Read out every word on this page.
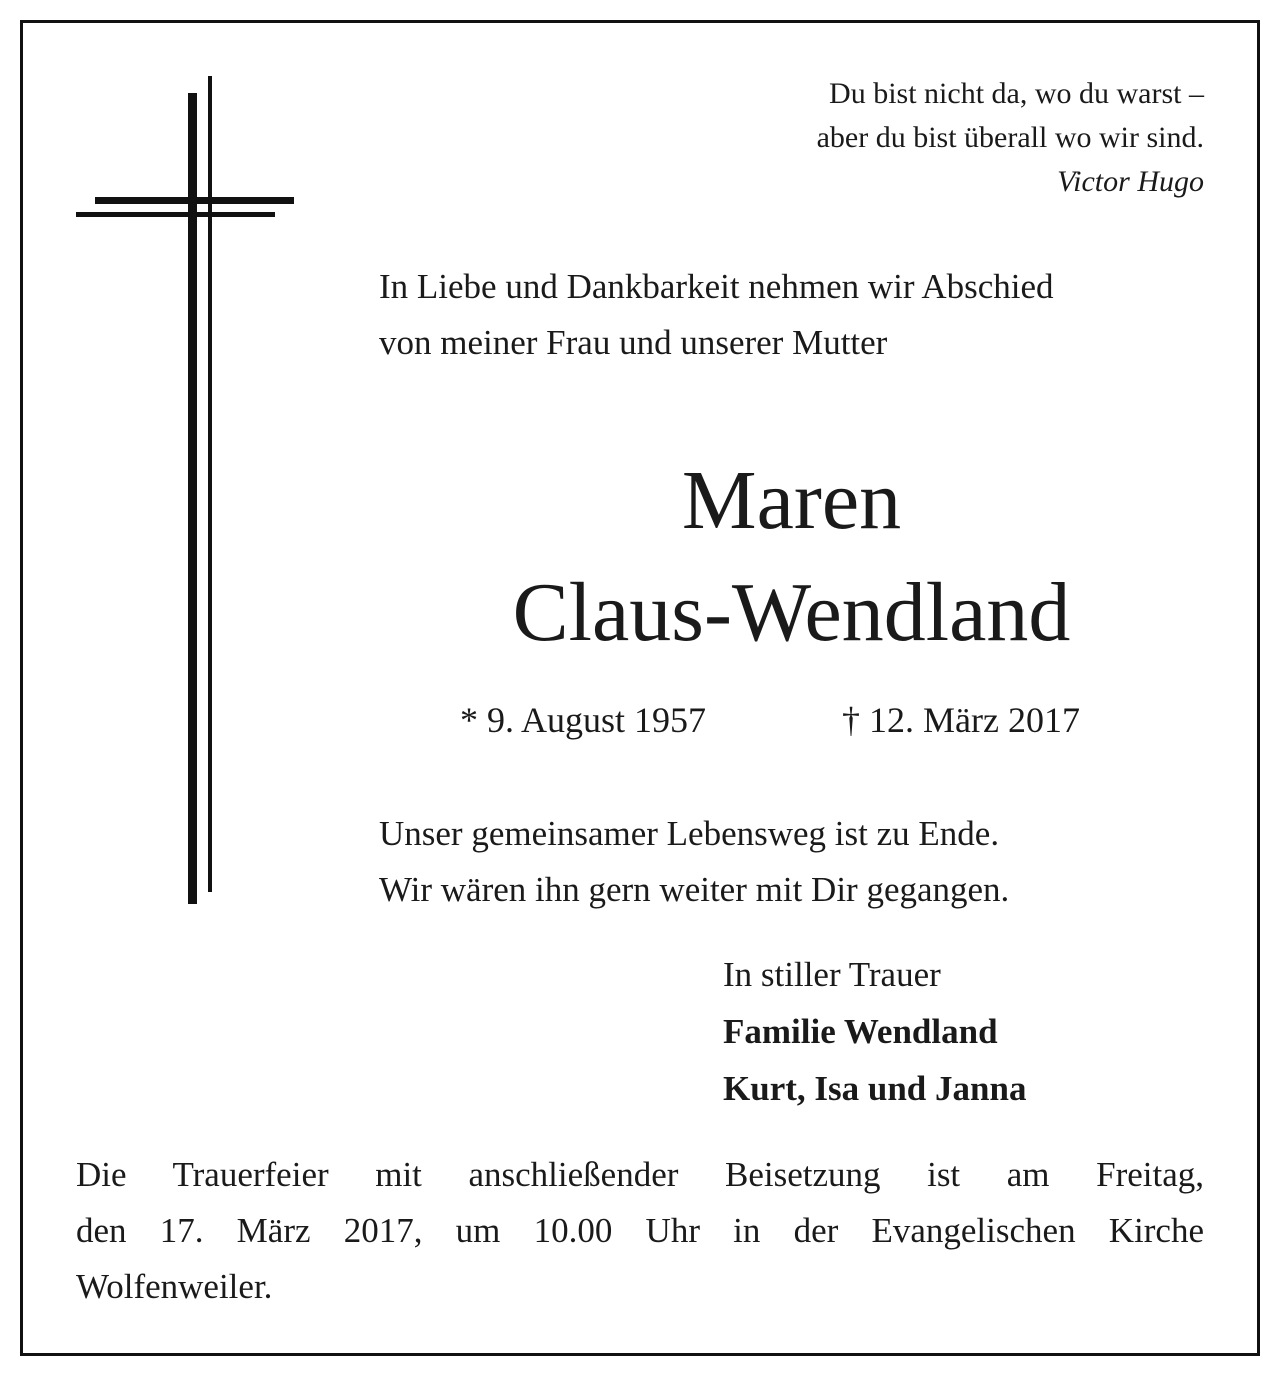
Du bist nicht da, wo du warst –
aber du bist überall wo wir sind.
Victor Hugo
In Liebe und Dankbarkeit nehmen wir Abschied
von meiner Frau und unserer Mutter
Maren
Claus-Wendland
* 9. August 1957	† 12. März 2017
Unser gemeinsamer Lebensweg ist zu Ende.
Wir wären ihn gern weiter mit Dir gegangen.
In stiller Trauer
Familie Wendland
Kurt, Isa und Janna
Die Trauerfeier mit anschließender Beisetzung ist am Freitag,
den 17. März 2017, um 10.00 Uhr in der Evangelischen Kirche
Wolfenweiler.
